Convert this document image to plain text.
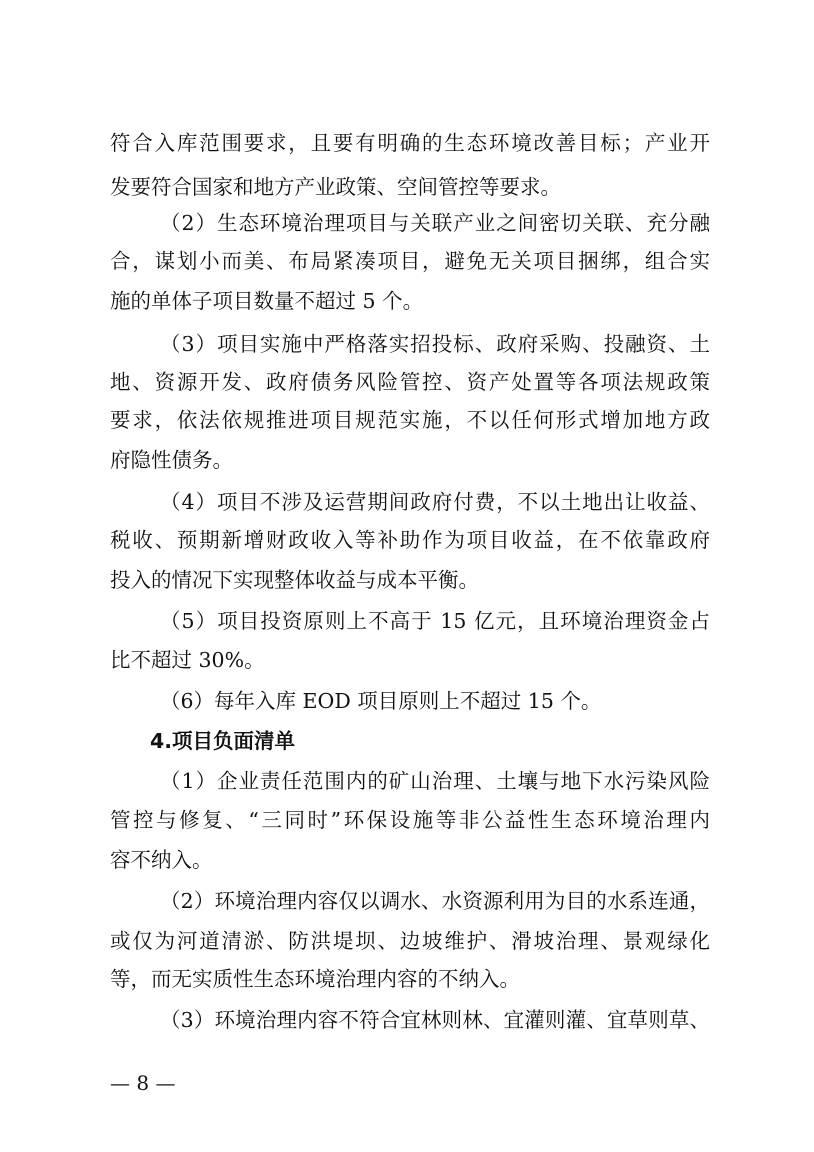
符合入库范围要求，且要有明确的生态环境改善目标；产业开
发要符合国家和地方产业政策、空间管控等要求。
（2）生态环境治理项目与关联产业之间密切关联、充分融
合，谋划小而美、布局紧凑项目，避免无关项目捆绑，组合实
施的单体子项目数量不超过 5 个。
（3）项目实施中严格落实招投标、政府采购、投融资、土
地、资源开发、政府债务风险管控、资产处置等各项法规政策
要求，依法依规推进项目规范实施，不以任何形式增加地方政
府隐性债务。
（4）项目不涉及运营期间政府付费，不以土地出让收益、
税收、预期新增财政收入等补助作为项目收益，在不依靠政府
投入的情况下实现整体收益与成本平衡。
（5）项目投资原则上不高于 15 亿元，且环境治理资金占
比不超过 30%。
（6）每年入库 EOD 项目原则上不超过 15 个。
4.项目负面清单
（1）企业责任范围内的矿山治理、土壤与地下水污染风险
管控与修复、“三同时”环保设施等非公益性生态环境治理内
容不纳入。
（2）环境治理内容仅以调水、水资源利用为目的水系连通，
或仅为河道清淤、防洪堤坝、边坡维护、滑坡治理、景观绿化
等，而无实质性生态环境治理内容的不纳入。
（3）环境治理内容不符合宜林则林、宜灌则灌、宜草则草、
— 8 —
